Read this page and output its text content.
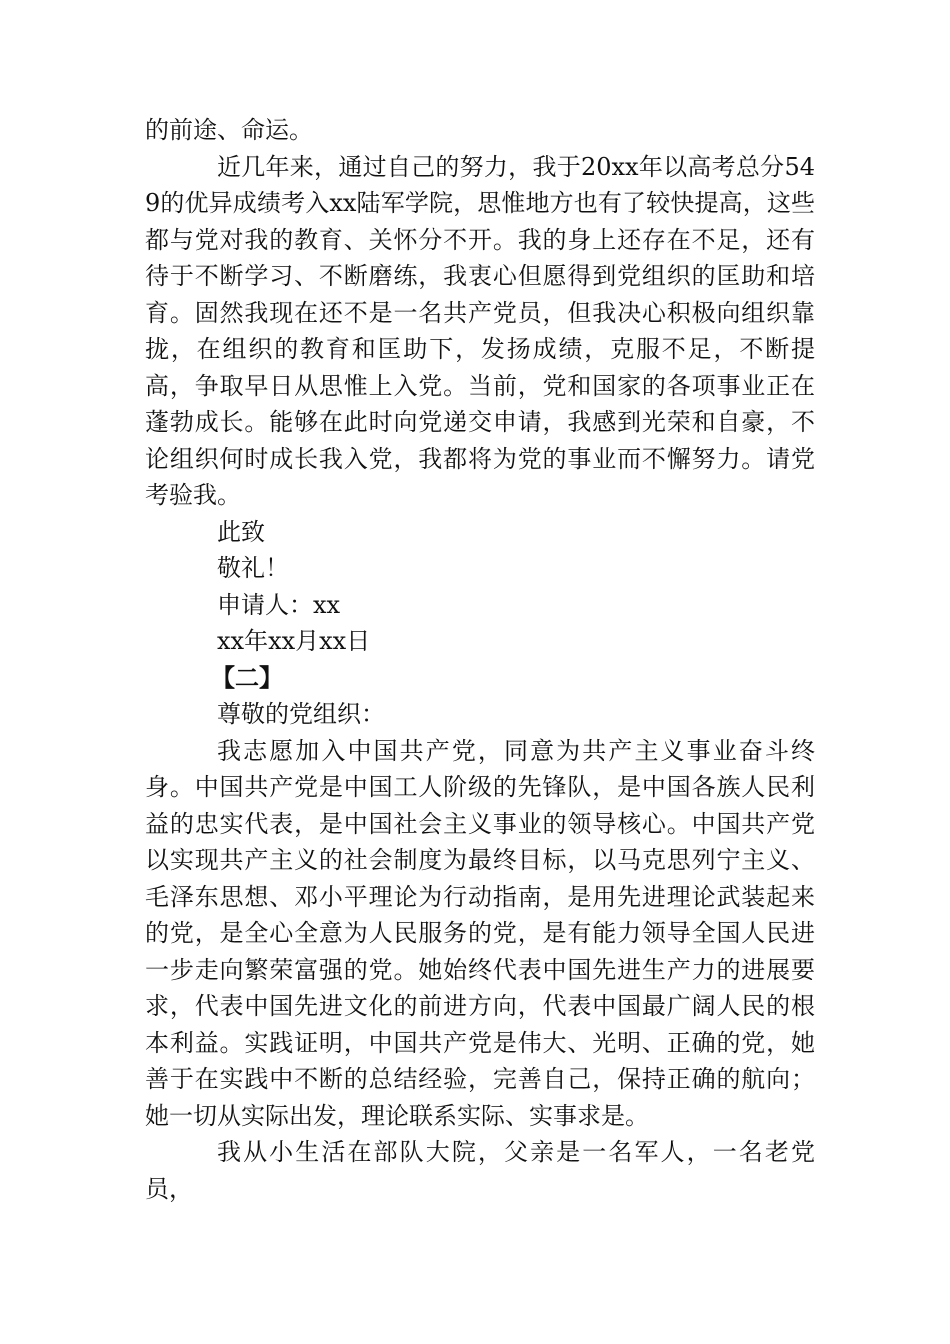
的前途、命运。

近几年来，通过自己的努力，我于20xx年以高考总分549的优异成绩考入xx陆军学院，思惟地方也有了较快提高，这些都与党对我的教育、关怀分不开。我的身上还存在不足，还有待于不断学习、不断磨练，我衷心但愿得到党组织的匡助和培育。固然我现在还不是一名共产党员，但我决心积极向组织靠拢，在组织的教育和匡助下，发扬成绩，克服不足，不断提高，争取早日从思惟上入党。当前，党和国家的各项事业正在蓬勃成长。能够在此时向党递交申请，我感到光荣和自豪，不论组织何时成长我入党，我都将为党的事业而不懈努力。请党考验我。

此致

敬礼！

申请人：xx

xx年xx月xx日

【二】

尊敬的党组织：

我志愿加入中国共产党，同意为共产主义事业奋斗终身。中国共产党是中国工人阶级的先锋队，是中国各族人民利益的忠实代表，是中国社会主义事业的领导核心。中国共产党以实现共产主义的社会制度为最终目标，以马克思列宁主义、毛泽东思想、邓小平理论为行动指南，是用先进理论武装起来的党，是全心全意为人民服务的党，是有能力领导全国人民进一步走向繁荣富强的党。她始终代表中国先进生产力的进展要求，代表中国先进文化的前进方向，代表中国最广阔人民的根本利益。实践证明，中国共产党是伟大、光明、正确的党，她善于在实践中不断的总结经验，完善自己，保持正确的航向；她一切从实际出发，理论联系实际、实事求是。

我从小生活在部队大院，父亲是一名军人，一名老党员，
